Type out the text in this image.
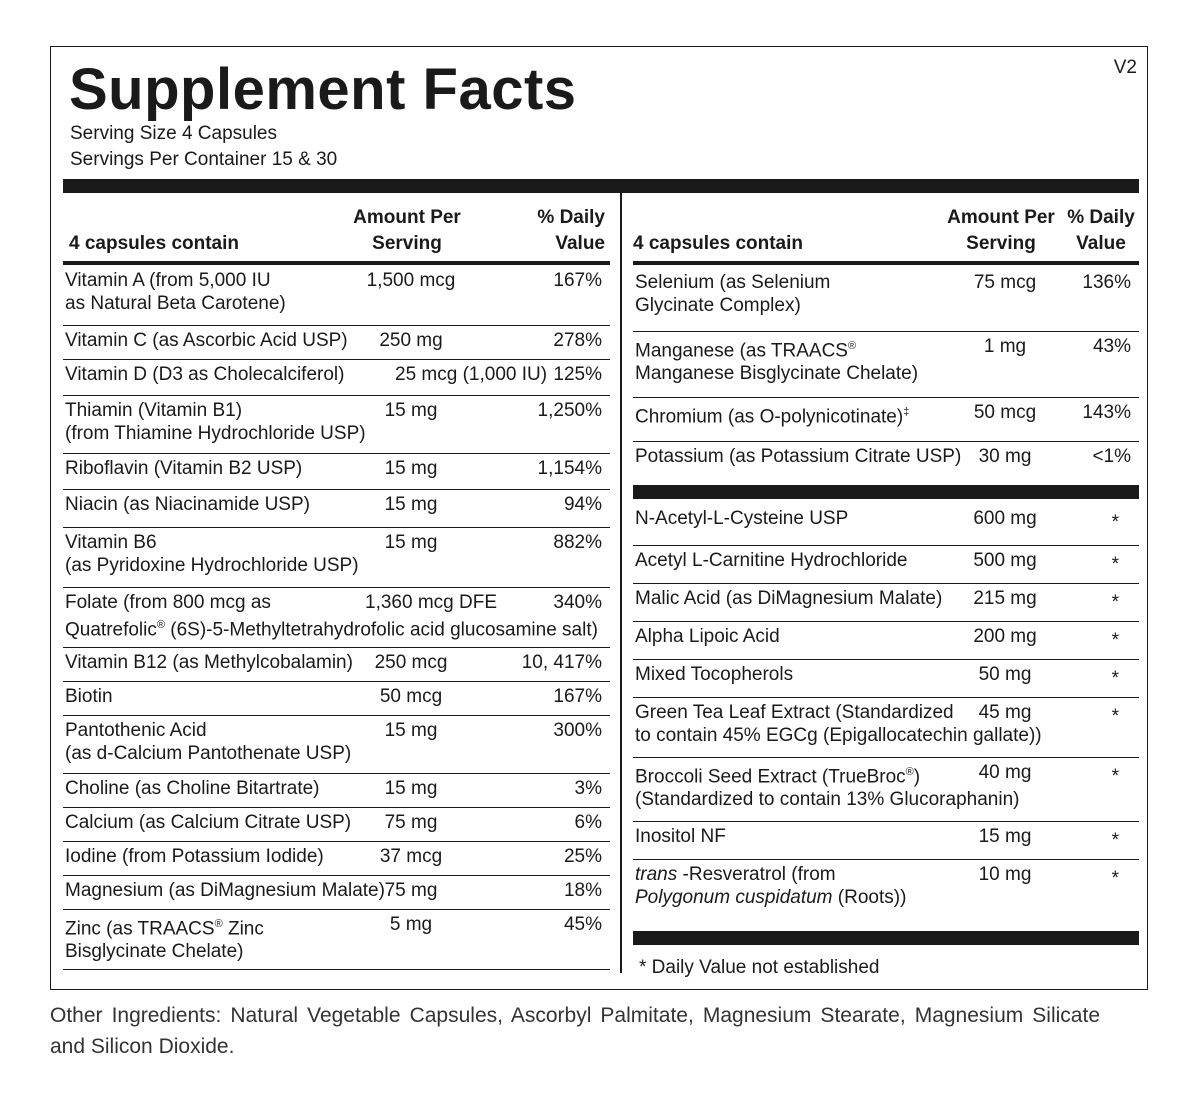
Supplement Facts	V2
Serving Size 4 Capsules
Servings Per Container 15 & 30
4 capsules contain
Amount Per
Serving
% Daily
Value
Vitamin A (from 5,000 IU
as Natural Beta Carotene)
1,500 mcg	167%
Vitamin C (as Ascorbic Acid USP)	250 mg	278%
Vitamin D (D3 as Cholecalciferol)	25 mcg (1,000 IU) 125%
Thiamin (Vitamin B1)
(from Thiamine Hydrochloride USP)
15 mg	1,250%
Riboflavin (Vitamin B2 USP)	15 mg	1,154%
Niacin (as Niacinamide USP)	15 mg	94%
Vitamin B6
(as Pyridoxine Hydrochloride USP)
15 mg	882%
Folate (from 800 mcg as
Quatrefolic® (6S)-5-Methyltetrahydrofolic acid glucosamine salt)
1,360 mcg DFE	340%
Vitamin B12 (as Methylcobalamin)	250 mcg	10, 417%
Biotin	50 mcg	167%
Pantothenic Acid
(as d-Calcium Pantothenate USP)
15 mg	300%
Choline (as Choline Bitartrate)	15 mg	3%
Calcium (as Calcium Citrate USP)	75 mg	6%
Iodine (from Potassium Iodide)	37 mcg	25%
Magnesium (as DiMagnesium Malate) 75 mg	18%
Zinc (as TRAACS® Zinc
Bisglycinate Chelate)
5 mg	45%
4 capsules contain
Amount Per
Serving
% Daily
Value
Selenium (as Selenium
Glycinate Complex)
75 mcg	136%
Manganese (as TRAACS®
Manganese Bisglycinate Chelate)
1 mg	43%
Chromium (as O-polynicotinate)‡	50 mcg	143%
Potassium (as Potassium Citrate USP) 30 mg	<1%
N-Acetyl-L-Cysteine USP	600 mg	*
Acetyl L-Carnitine Hydrochloride	500 mg	*
Malic Acid (as DiMagnesium Malate)	215 mg	*
Alpha Lipoic Acid	200 mg	*
Mixed Tocopherols	50 mg	*
Green Tea Leaf Extract (Standardized
to contain 45% EGCg (Epigallocatechin gallate))
45 mg	*
Broccoli Seed Extract (TrueBroc®)
(Standardized to contain 13% Glucoraphanin)
40 mg	*
Inositol NF	15 mg	*
trans -Resveratrol (from
Polygonum cuspidatum (Roots))
10 mg	*
* Daily Value not established
Other Ingredients: Natural Vegetable Capsules, Ascorbyl Palmitate, Magnesium Stearate, Magnesium Silicate and Silicon Dioxide.
